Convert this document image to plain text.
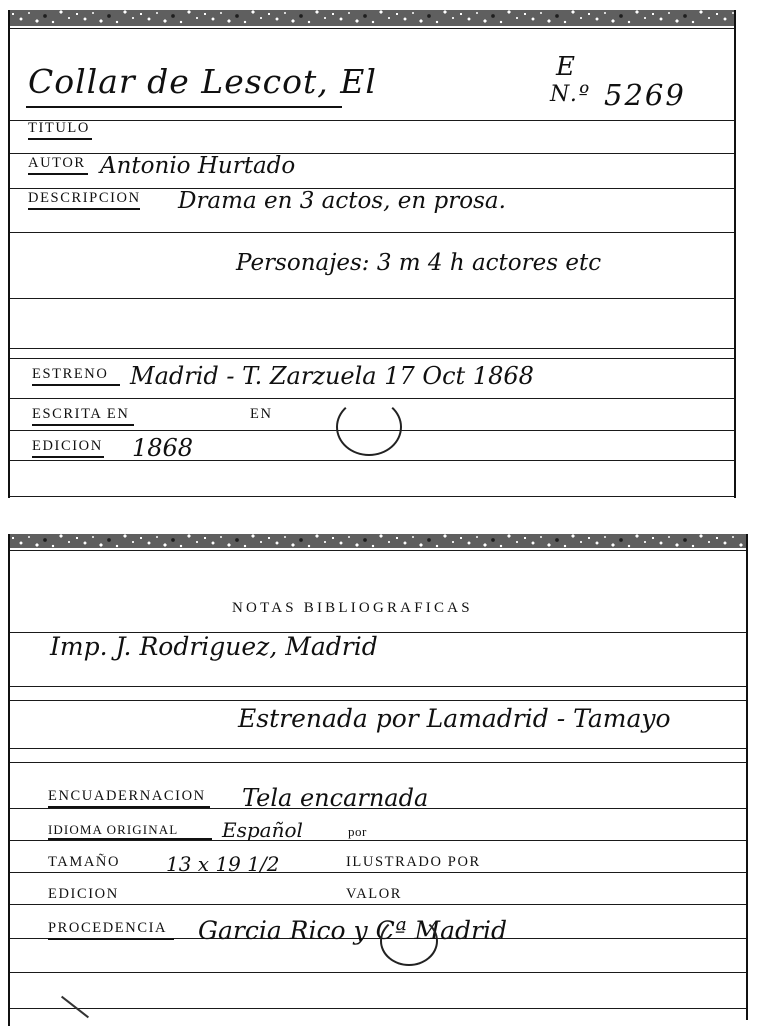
Collar de Lescot, El	E
N.º 5269
TITULO
AUTOR Antonio Hurtado
DESCRIPCION Drama en 3 actos, en prosa.
Personajes: 3 m 4 h actores etc
ESTRENO Madrid - T. Zarzuela 17 Oct 1868
ESCRITA EN	EN
EDICION 1868
NOTAS BIBLIOGRAFICAS
Imp. J. Rodriguez, Madrid
Estrenada por Lamadrid - Tamayo
ENCUADERNACION Tela encarnada
IDIOMA ORIGINAL Español	por
TAMAÑO 13 x 19 1/2	ILUSTRADO POR
EDICION	VALOR
PROCEDENCIA Garcia Rico y Cª Madrid
